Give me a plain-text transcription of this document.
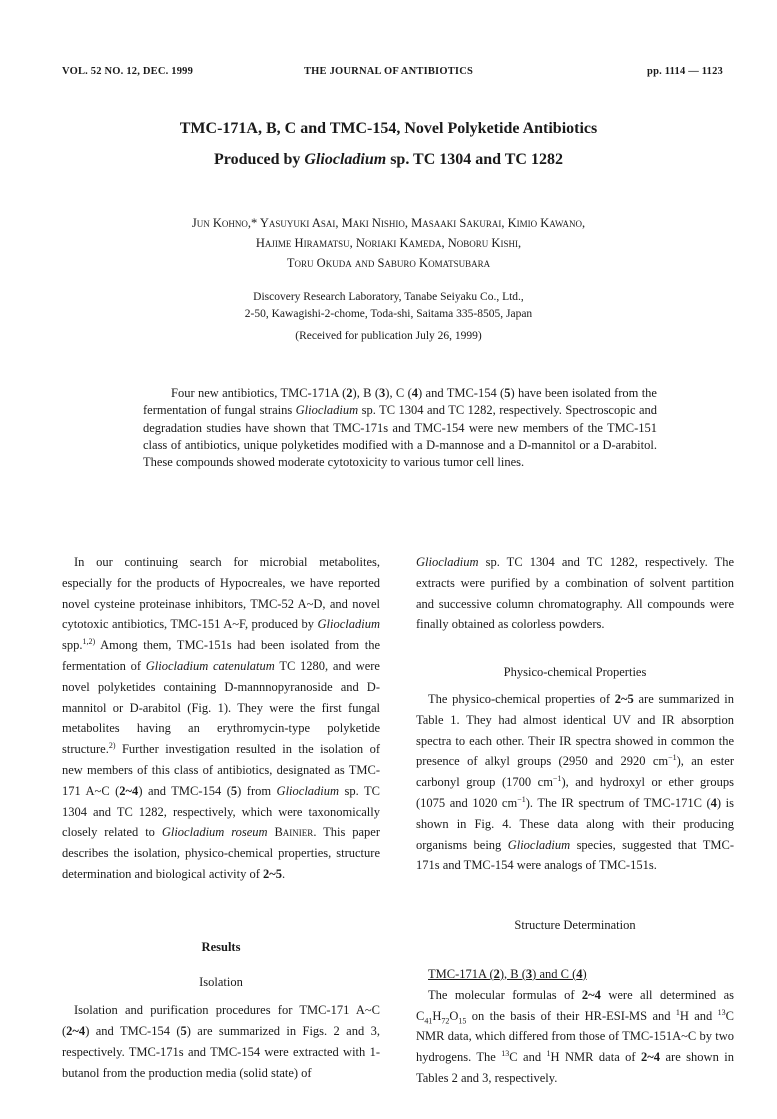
VOL. 52 NO. 12, DEC. 1999	THE JOURNAL OF ANTIBIOTICS	pp. 1114 — 1123
TMC-171A, B, C and TMC-154, Novel Polyketide Antibiotics
Produced by Gliocladium sp. TC 1304 and TC 1282
Jun Kohno,* Yasuyuki Asai, Maki Nishio, Masaaki Sakurai, Kimio Kawano,
Hajime Hiramatsu, Noriaki Kameda, Noboru Kishi,
Toru Okuda and Saburo Komatsubara
Discovery Research Laboratory, Tanabe Seiyaku Co., Ltd.,
2-50, Kawagishi-2-chome, Toda-shi, Saitama 335-8505, Japan
(Received for publication July 26, 1999)
Four new antibiotics, TMC-171A (2), B (3), C (4) and TMC-154 (5) have been isolated from the fermentation of fungal strains Gliocladium sp. TC 1304 and TC 1282, respectively. Spectroscopic and degradation studies have shown that TMC-171s and TMC-154 were new members of the TMC-151 class of antibiotics, unique polyketides modified with a D-mannose and a D-mannitol or a D-arabitol. These compounds showed moderate cytotoxicity to various tumor cell lines.

In our continuing search for microbial metabolites, especially for the products of Hypocreales, we have reported novel cysteine proteinase inhibitors, TMC-52 A~D, and novel cytotoxic antibiotics, TMC-151 A~F, produced by Gliocladium spp.$^{1,2)}$ Among them, TMC-151s had been isolated from the fermentation of Gliocladium catenulatum TC 1280, and were novel polyketides containing D-mannnopyranoside and D-mannitol or D-arabitol (Fig. 1). They were the first fungal metabolites having an erythromycin-type polyketide structure.$^{2)}$ Further investigation resulted in the isolation of new members of this class of antibiotics, designated as TMC-171 A~C (2~4) and TMC-154 (5) from Gliocladium sp. TC 1304 and TC 1282, respectively, which were taxonomically closely related to Gliocladium roseum Bainier. This paper describes the isolation, physico-chemical properties, structure determination and biological activity of 2~5.

Results

Isolation

Isolation and purification procedures for TMC-171 A~C (2~4) and TMC-154 (5) are summarized in Figs. 2 and 3, respectively. TMC-171s and TMC-154 were extracted with 1-butanol from the production media (solid state) of

Gliocladium sp. TC 1304 and TC 1282, respectively. The extracts were purified by a combination of solvent partition and successive column chromatography. All compounds were finally obtained as colorless powders.

Physico-chemical Properties

The physico-chemical properties of 2~5 are summarized in Table 1. They had almost identical UV and IR absorption spectra to each other. Their IR spectra showed in common the presence of alkyl groups (2950 and 2920 $cm^{-1}$), an ester carbonyl group (1700 $cm^{-1}$), and hydroxyl or ether groups (1075 and 1020 $cm^{-1}$). The IR spectrum of TMC-171C (4) is shown in Fig. 4. These data along with their producing organisms being Gliocladium species, suggested that TMC-171s and TMC-154 were analogs of TMC-151s.

Structure Determination

TMC-171A (2), B (3) and C (4)

The molecular formulas of 2~4 were all determined as $C_{41}H_{72}O_{15}$ on the basis of their HR-ESI-MS and $^1$H and $^{13}$C NMR data, which differed from those of TMC-151A~C by two hydrogens. The $^{13}$C and $^1$H NMR data of 2~4 are shown in Tables 2 and 3, respectively.
